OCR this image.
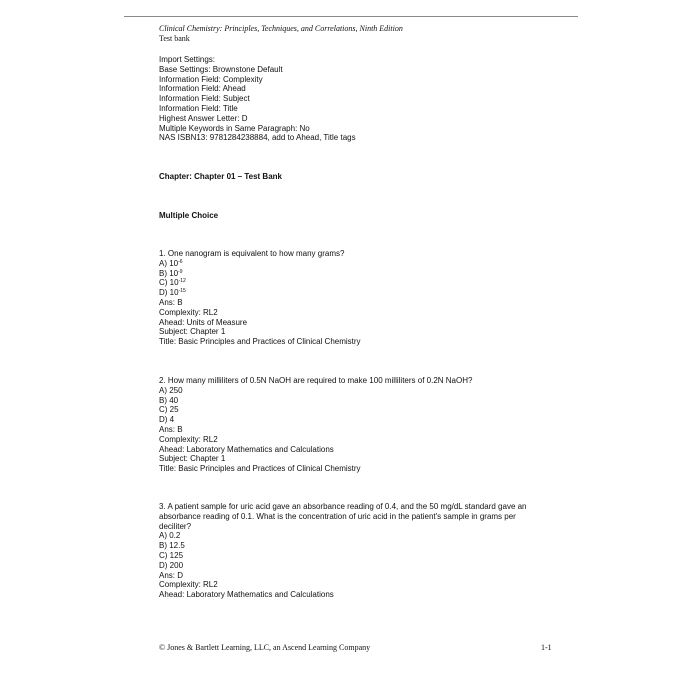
Clinical Chemistry: Principles, Techniques, and Correlations, Ninth Edition
Test bank
Import Settings:
Base Settings: Brownstone Default
Information Field: Complexity
Information Field: Ahead
Information Field: Subject
Information Field: Title
Highest Answer Letter: D
Multiple Keywords in Same Paragraph: No
NAS ISBN13: 9781284238884, add to Ahead, Title tags
Chapter: Chapter 01 – Test Bank
Multiple Choice
1. One nanogram is equivalent to how many grams?
A) $10^{-6}$
B) $10^{-9}$
C) $10^{-12}$
D) $10^{-15}$
Ans: B
Complexity: RL2
Ahead: Units of Measure
Subject: Chapter 1
Title: Basic Principles and Practices of Clinical Chemistry
2. How many milliliters of 0.5N NaOH are required to make 100 milliliters of 0.2N NaOH?
A) 250
B) 40
C) 25
D) 4
Ans: B
Complexity: RL2
Ahead: Laboratory Mathematics and Calculations
Subject: Chapter 1
Title: Basic Principles and Practices of Clinical Chemistry
3. A patient sample for uric acid gave an absorbance reading of 0.4, and the 50 mg/dL standard gave an
absorbance reading of 0.1. What is the concentration of uric acid in the patient's sample in grams per
deciliter?
A) 0.2
B) 12.5
C) 125
D) 200
Ans: D
Complexity: RL2
Ahead: Laboratory Mathematics and Calculations
© Jones & Bartlett Learning, LLC, an Ascend Learning Company	1-1
